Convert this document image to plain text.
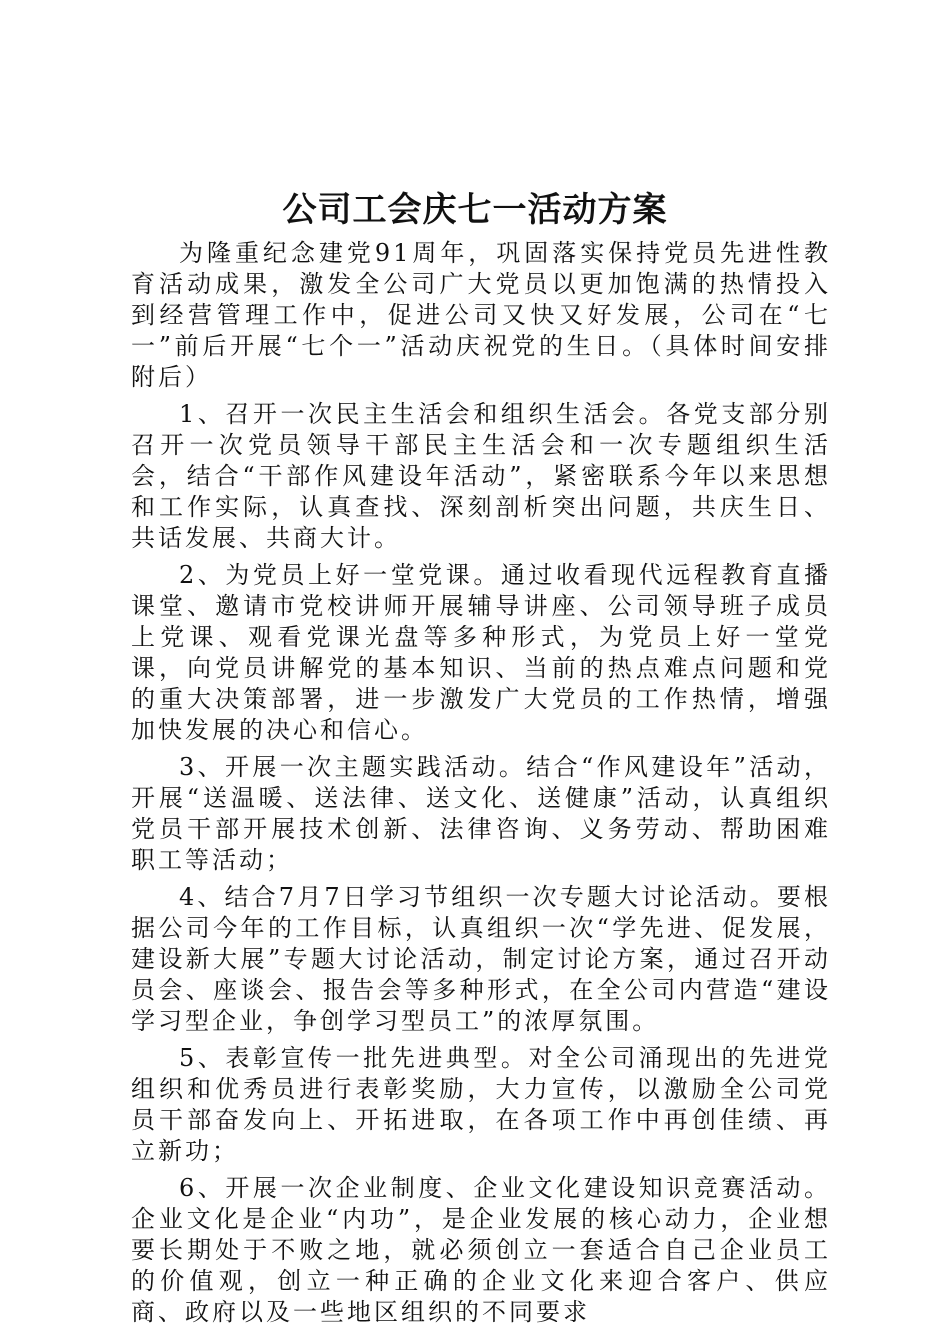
公司工会庆七一活动方案

为隆重纪念建党91周年，巩固落实保持党员先进性教育活动成果，激发全公司广大党员以更加饱满的热情投入到经营管理工作中，促进公司又快又好发展，公司在“七一”前后开展“七个一”活动庆祝党的生日。（具体时间安排附后）

1、召开一次民主生活会和组织生活会。各党支部分别召开一次党员领导干部民主生活会和一次专题组织生活会，结合“干部作风建设年活动”，紧密联系今年以来思想和工作实际，认真查找、深刻剖析突出问题，共庆生日、共话发展、共商大计。

2、为党员上好一堂党课。通过收看现代远程教育直播课堂、邀请市党校讲师开展辅导讲座、公司领导班子成员上党课、观看党课光盘等多种形式，为党员上好一堂党课，向党员讲解党的基本知识、当前的热点难点问题和党的重大决策部署，进一步激发广大党员的工作热情，增强加快发展的决心和信心。

3、开展一次主题实践活动。结合“作风建设年”活动，开展“送温暖、送法律、送文化、送健康”活动，认真组织党员干部开展技术创新、法律咨询、义务劳动、帮助困难职工等活动；

4、结合7月7日学习节组织一次专题大讨论活动。要根据公司今年的工作目标，认真组织一次“学先进、促发展，建设新大展”专题大讨论活动，制定讨论方案，通过召开动员会、座谈会、报告会等多种形式，在全公司内营造“建设学习型企业，争创学习型员工”的浓厚氛围。

5、表彰宣传一批先进典型。对全公司涌现出的先进党组织和优秀员进行表彰奖励，大力宣传，以激励全公司党员干部奋发向上、开拓进取，在各项工作中再创佳绩、再立新功；

6、开展一次企业制度、企业文化建设知识竞赛活动。企业文化是企业“内功”，是企业发展的核心动力，企业想要长期处于不败之地，就必须创立一套适合自己企业员工的价值观，创立一种正确的企业文化来迎合客户、供应商、政府以及一些地区组织的不同要求
